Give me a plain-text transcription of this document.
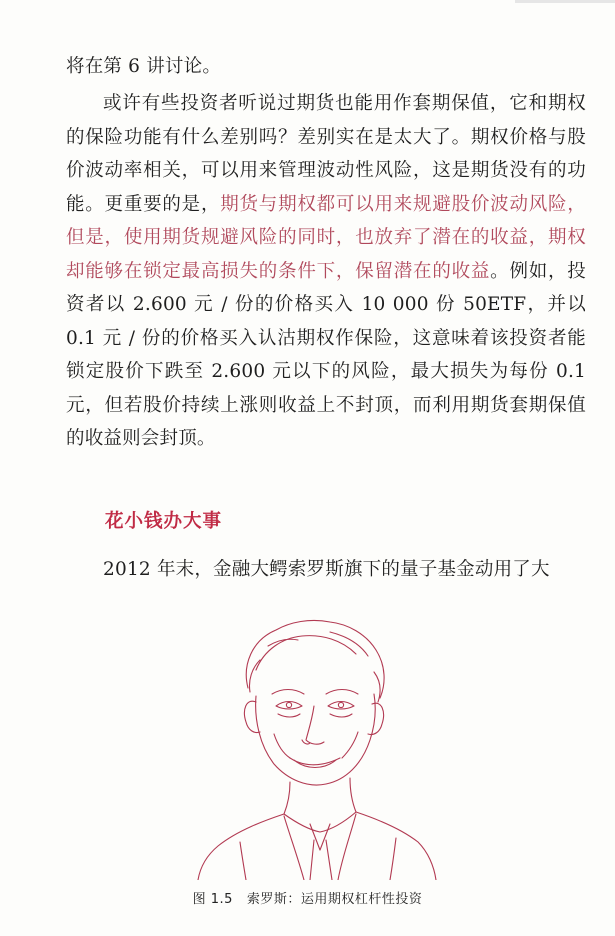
将在第 6 讲讨论。

或许有些投资者听说过期货也能用作套期保值，它和期权的保险功能有什么差别吗？差别实在是太大了。期权价格与股价波动率相关，可以用来管理波动性风险，这是期货没有的功能。更重要的是，期货与期权都可以用来规避股价波动风险，但是，使用期货规避风险的同时，也放弃了潜在的收益，期权却能够在锁定最高损失的条件下，保留潜在的收益。例如，投资者以 2.600 元 / 份的价格买入 10 000 份 50ETF，并以 0.1 元 / 份的价格买入认沽期权作保险，这意味着该投资者能锁定股价下跌至 2.600 元以下的风险，最大损失为每份 0.1 元，但若股价持续上涨则收益上不封顶，而利用期货套期保值的收益则会封顶。

花小钱办大事

2012 年末，金融大鳄索罗斯旗下的量子基金动用了大

图 1.5 索罗斯：运用期权杠杆性投资
